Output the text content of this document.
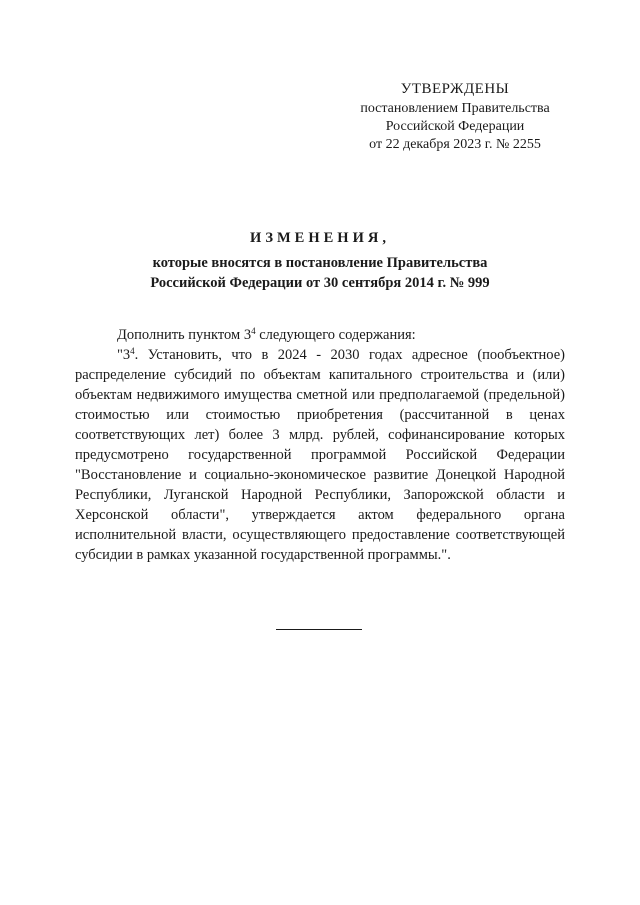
УТВЕРЖДЕНЫ
постановлением Правительства
Российской Федерации
от 22 декабря 2023 г. № 2255
ИЗМЕНЕНИЯ,
которые вносятся в постановление Правительства
Российской Федерации от 30 сентября 2014 г. № 999

Дополнить пунктом $3^4$ следующего содержания:

"$3^4$. Установить, что в 2024 - 2030 годах адресное (пообъектное) распределение субсидий по объектам капитального строительства и (или) объектам недвижимого имущества сметной или предполагаемой (предельной) стоимостью или стоимостью приобретения (рассчитанной в ценах соответствующих лет) более 3 млрд. рублей, софинансирование которых предусмотрено государственной программой Российской Федерации "Восстановление и социально-экономическое развитие Донецкой Народной Республики, Луганской Народной Республики, Запорожской области и Херсонской области", утверждается актом федерального органа исполнительной власти, осуществляющего предоставление соответствующей субсидии в рамках указанной государственной программы.".
